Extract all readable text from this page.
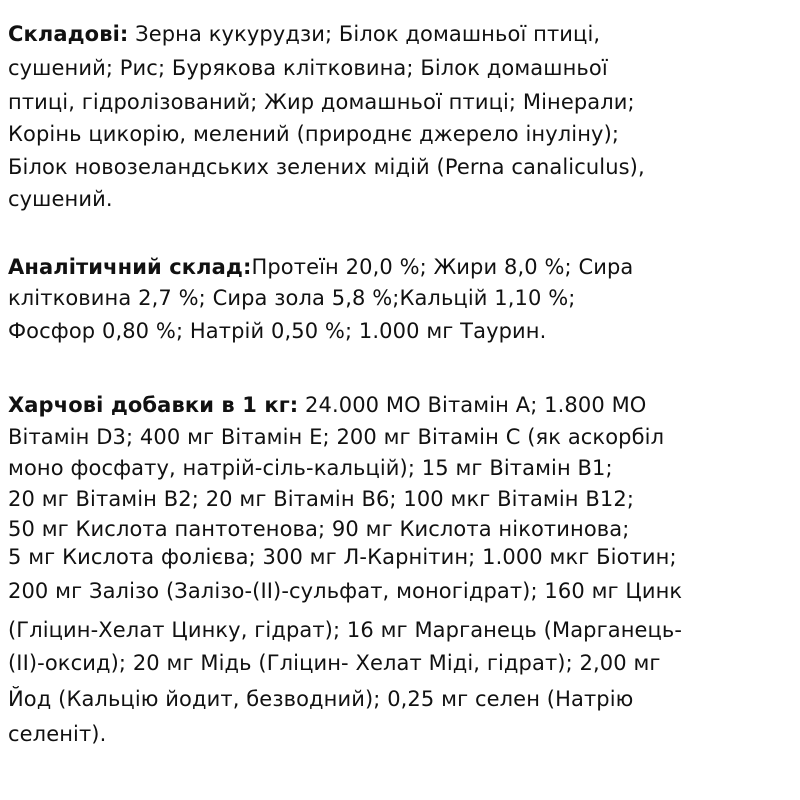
Складові: Зерна кукурудзи; Білок домашньої птиці,
сушений; Рис; Бурякова клітковина; Білок домашньої
птиці, гідролізований; Жир домашньої птиці; Мінерали;
Корінь цикорію, мелений (природнє джерело інуліну);
Білок новозеландських зелених мідій (Perna canaliculus),
сушений.
Аналітичний склад:Протеїн 20,0 %; Жири 8,0 %; Сира
клітковина 2,7 %; Сира зола 5,8 %;Кальцій 1,10 %;
Фосфор 0,80 %; Натрій 0,50 %; 1.000 мг Таурин.
Харчові добавки в 1 кг: 24.000 МО Вітамін А; 1.800 МО
Вітамін D3; 400 мг Вітамін Е; 200 мг Вітамін С (як аскорбіл
моно фосфату, натрій-сіль-кальцій); 15 мг Вітамін В1;
20 мг Вітамін В2; 20 мг Вітамін В6; 100 мкг Вітамін В12;
50 мг Кислота пантотенова; 90 мг Кислота нікотинова;
5 мг Кислота фолієва; 300 мг Л-Карнітин; 1.000 мкг Біотин;
200 мг Залізо (Залізо-(II)-сульфат, моногідрат); 160 мг Цинк
(Гліцин-Хелат Цинку, гідрат); 16 мг Марганець (Марганець-
(II)-оксид); 20 мг Мідь (Гліцин- Хелат Міді, гідрат); 2,00 мг
Йод (Кальцію йодит, безводний); 0,25 мг селен (Натрію
селеніт).
